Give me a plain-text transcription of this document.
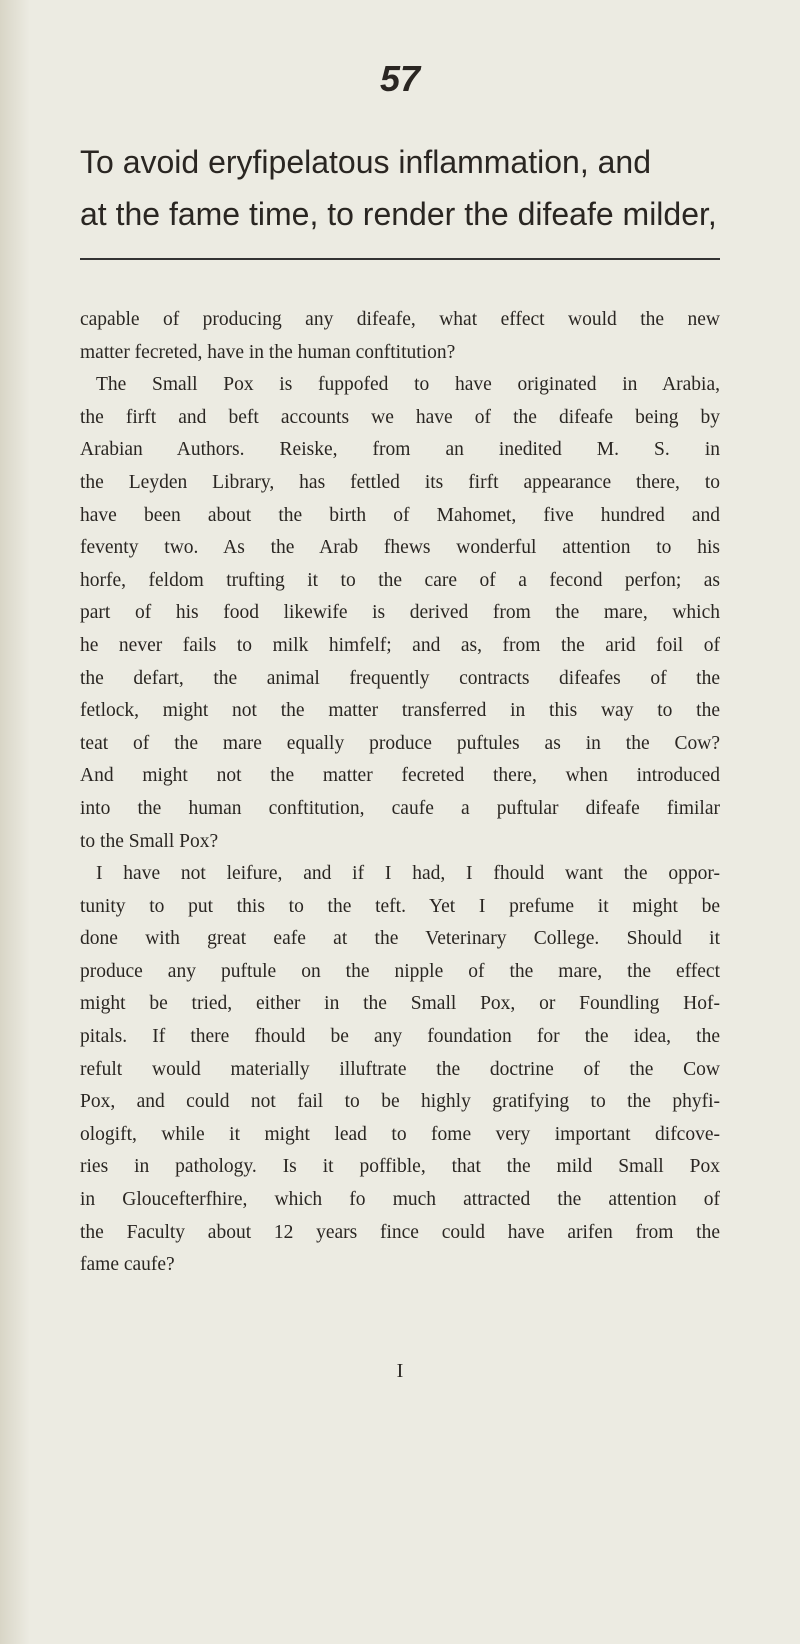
57
To avoid eryfipelatous inflammation, and
at the fame time, to render the difeafe milder,
capable of producing any difeafe, what effect would the new
matter fecreted, have in the human conftitution?
The Small Pox is fuppofed to have originated in Arabia,
the firft and beft accounts we have of the difeafe being by
Arabian Authors. Reiske, from an inedited M. S. in
the Leyden Library, has fettled its firft appearance there, to
have been about the birth of Mahomet, five hundred and
feventy two. As the Arab fhews wonderful attention to his
horfe, feldom trufting it to the care of a fecond perfon; as
part of his food likewife is derived from the mare, which
he never fails to milk himfelf; and as, from the arid foil of
the defart, the animal frequently contracts difeafes of the
fetlock, might not the matter transferred in this way to the
teat of the mare equally produce puftules as in the Cow?
And might not the matter fecreted there, when introduced
into the human conftitution, caufe a puftular difeafe fimilar
to the Small Pox?
I have not leifure, and if I had, I fhould want the oppor-
tunity to put this to the teft. Yet I prefume it might be
done with great eafe at the Veterinary College. Should it
produce any puftule on the nipple of the mare, the effect
might be tried, either in the Small Pox, or Foundling Hof-
pitals. If there fhould be any foundation for the idea, the
refult would materially illuftrate the doctrine of the Cow
Pox, and could not fail to be highly gratifying to the phyfi-
ologift, while it might lead to fome very important difcove-
ries in pathology. Is it poffible, that the mild Small Pox
in Gloucefterfhire, which fo much attracted the attention of
the Faculty about 12 years fince could have arifen from the
fame caufe?
I
